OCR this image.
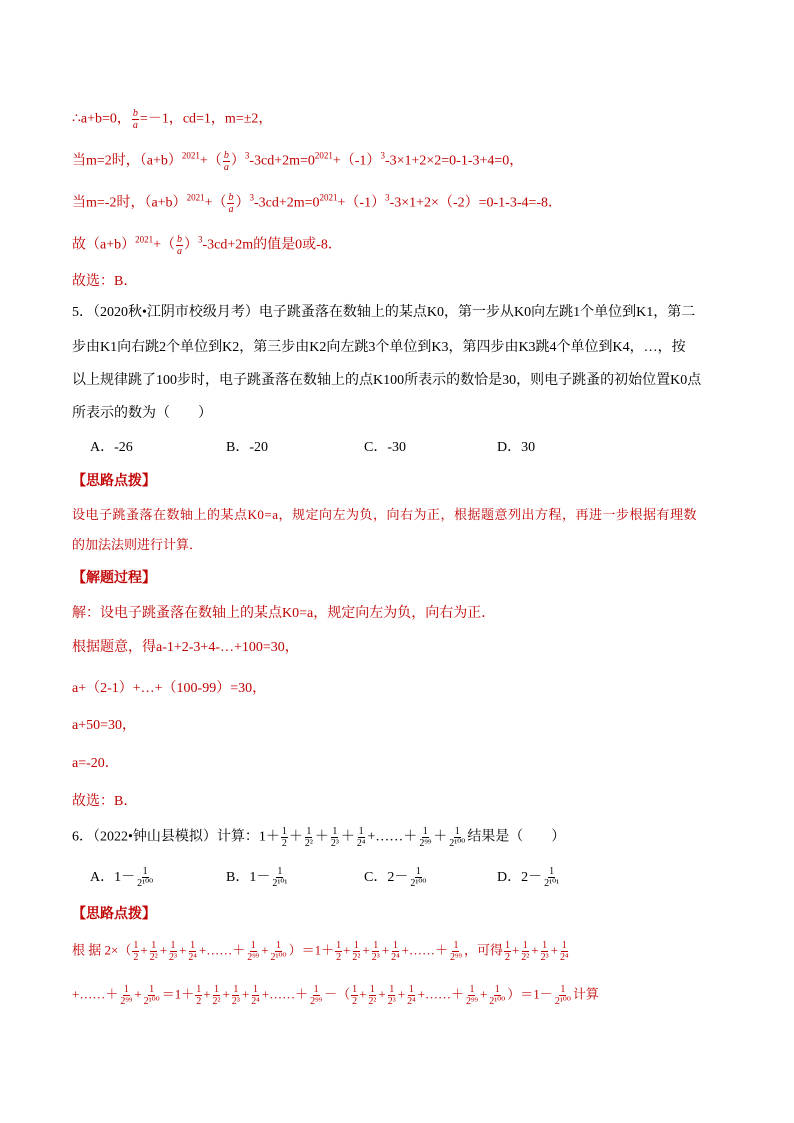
∴a+b=0， $\frac{b}{a} =-1$，cd=1，m=±2，
当m=2时，$(a+b)^{2021}+( \frac{b}{a} )^3-3cd+2m=0^{2021}+(-1)^3-3\times 1+2\times 2=0-1-3+4=0$，
当m=-2时，$(a+b)^{2021}+( \frac{b}{a} )^3-3cd+2m=0^{2021}+(-1)^3-3\times 1+2\times(-2)=0-1-3-4=-8$．
故$(a+b)^{2021}+( \frac{b}{a} )^3-3cd+2m$的值是0或-8．
故选：B．
5．（2020秋•江阴市校级月考）电子跳蚤落在数轴上的某点K0，第一步从K0向左跳1个单位到K1，第二
步由K1向右跳2个单位到K2，第三步由K2向左跳3个单位到K3，第四步由K3跳4个单位到K4，…，按
以上规律跳了100步时，电子跳蚤落在数轴上的点K100所表示的数恰是30，则电子跳蚤的初始位置K0点
所表示的数为（　　）
A．-26	B．-20	C．-30	D．30
【思路点拨】
设电子跳蚤落在数轴上的某点K0=a，规定向左为负，向右为正，根据题意列出方程，再进一步根据有理数
的加法法则进行计算．
【解题过程】
解：设电子跳蚤落在数轴上的某点K0=a，规定向左为负，向右为正．
根据题意，得a-1+2-3+4-…+100=30，
a+（2-1）+…+（100-99）=30，
a+50=30，
a=-20．
故选：B．
6．（2022•钟山县模拟）计算：$1+ \frac{1}{2} + \frac{1}{\text{2²}} + \frac{1}{\text{2³}} + \frac{1}{\text{2⁴}}$ +……＋ $\frac{1}{\text{2⁹⁹}} + \frac{1}{\text{2¹⁰⁰}}$ 结果是（　　）
A．$1- \frac{1}{\text{2¹⁰⁰}}$	B．$1- \frac{1}{\text{2¹⁰¹}}$	C．$2- \frac{1}{\text{2¹⁰⁰}}$	D．$2- \frac{1}{\text{2¹⁰¹}}$
【思路点拨】
根 据 $2\times( \frac{1}{2} + \frac{1}{\text{2²}} + \frac{1}{\text{2³}} + \frac{1}{\text{2⁴}}$ +……＋ $\frac{1}{\text{2⁹⁹}} + \frac{1}{\text{2¹⁰⁰}} )=1+ \frac{1}{2} + \frac{1}{\text{2²}} + \frac{1}{\text{2³}} + \frac{1}{\text{2⁴}}$ +……＋ $\frac{1}{\text{2⁹⁹}}$ ，可得 $\frac{1}{2} + \frac{1}{\text{2²}} + \frac{1}{\text{2³}} + \frac{1}{\text{2⁴}}$
+……＋ $\frac{1}{\text{2⁹⁹}} + \frac{1}{\text{2¹⁰⁰}} =1+ \frac{1}{2} + \frac{1}{\text{2²}} + \frac{1}{\text{2³}} + \frac{1}{\text{2⁴}}$ +……＋ $\frac{1}{\text{2⁹⁹}}$ －（ $\frac{1}{2} + \frac{1}{\text{2²}} + \frac{1}{\text{2³}} + \frac{1}{\text{2⁴}}$ +……＋ $\frac{1}{\text{2⁹⁹}} + \frac{1}{\text{2¹⁰⁰}} )=1- \frac{1}{\text{2¹⁰⁰}}$ 计算
